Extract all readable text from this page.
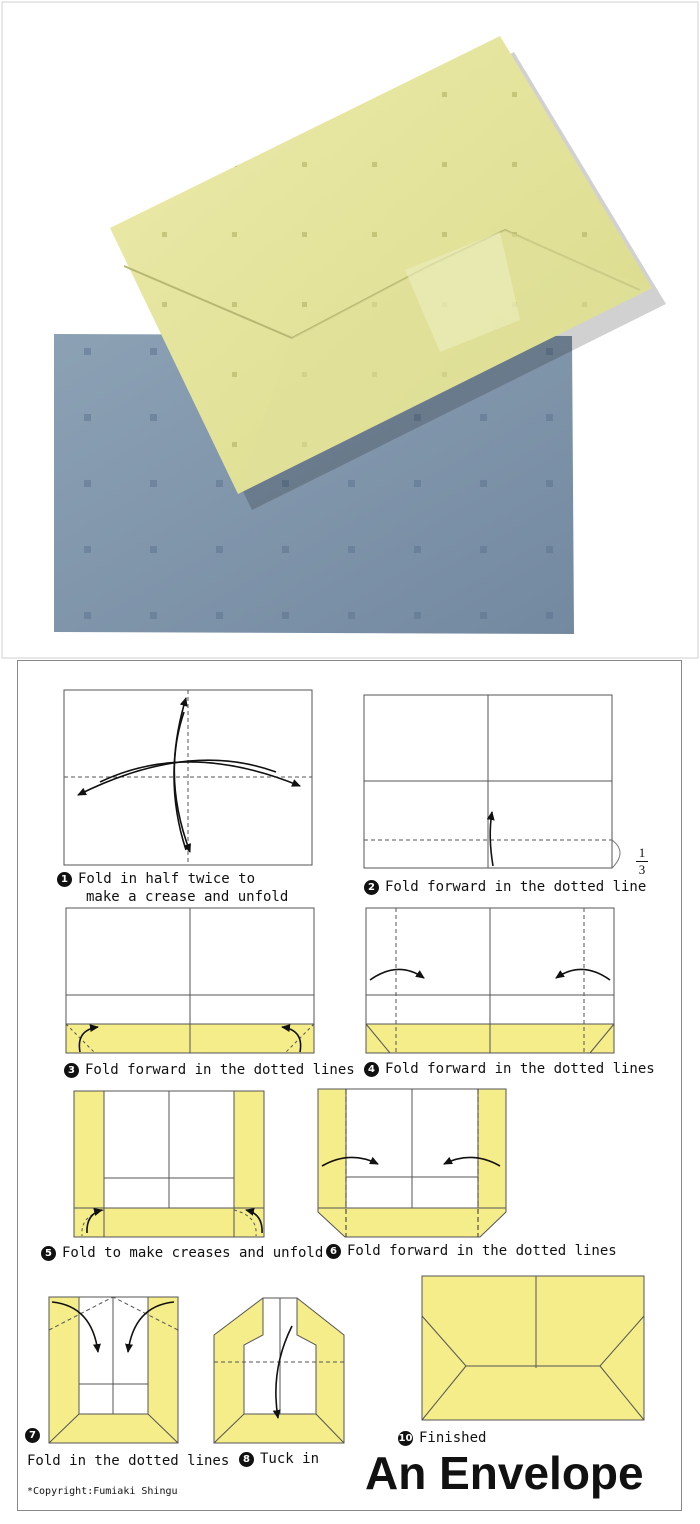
1 Fold in half twice to
make a crease and unfold
2 Fold forward in the dotted line
1
3
3 Fold forward in the dotted lines	4 Fold forward in the dotted lines
5 Fold to make creases and unfold 6 Fold forward in the dotted lines
7
Fold in the dotted lines	8 Tuck in
10 Finished
An Envelope
*Copyright:Fumiaki Shingu
